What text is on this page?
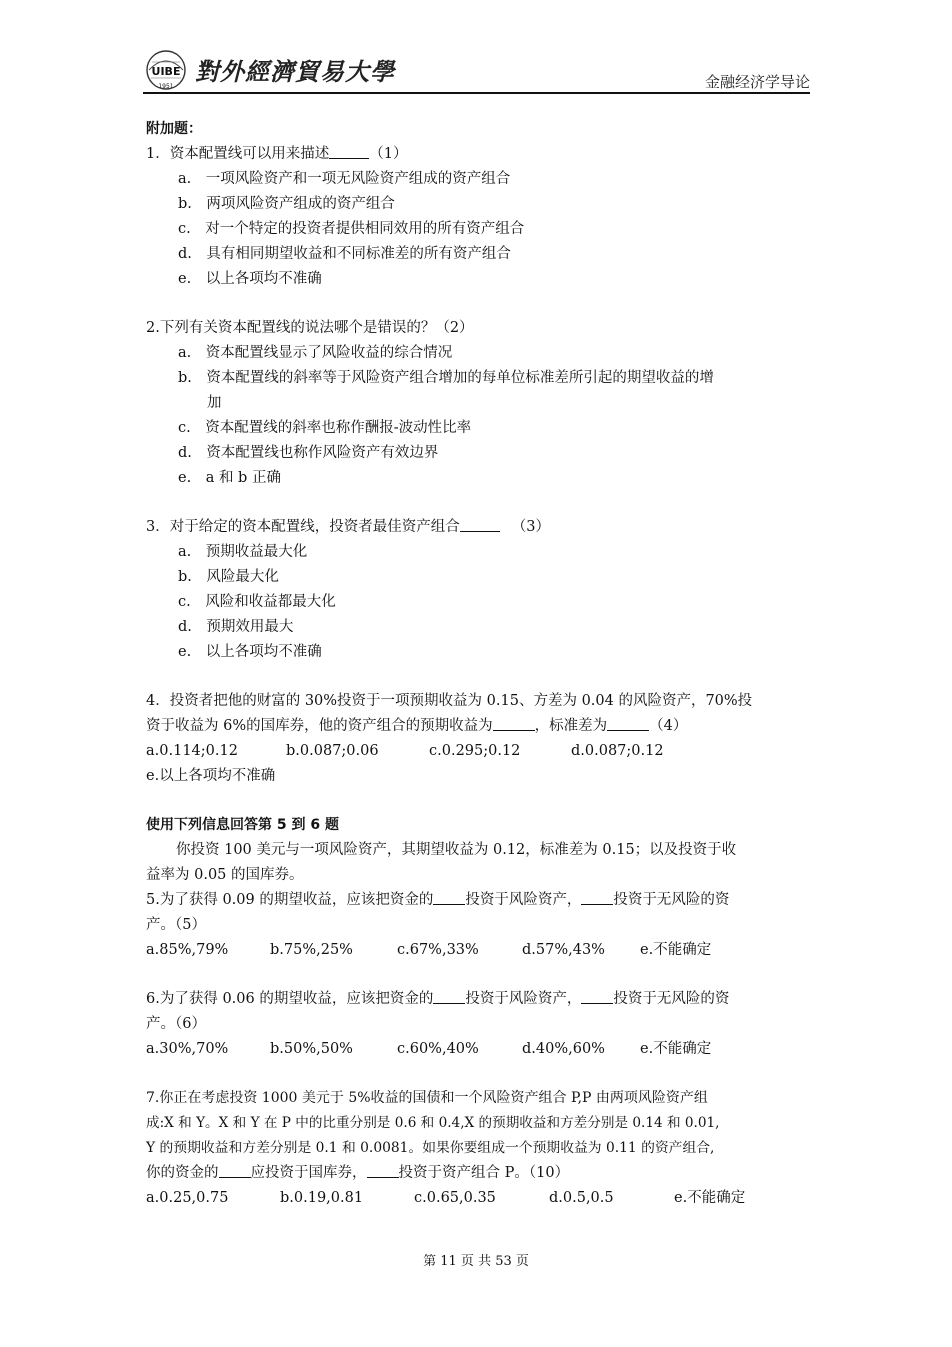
UIBE
1951
對外經濟貿易大學	金融经济学导论
附加题：
1．资本配置线可以用来描述	（1）
a.　一项风险资产和一项无风险资产组成的资产组合
b.　两项风险资产组成的资产组合
c.　对一个特定的投资者提供相同效用的所有资产组合
d.　具有相同期望收益和不同标准差的所有资产组合
e.　以上各项均不准确
2.下列有关资本配置线的说法哪个是错误的？（2）
a.　资本配置线显示了风险收益的综合情况
b.　资本配置线的斜率等于风险资产组合增加的每单位标准差所引起的期望收益的增
加
c.　资本配置线的斜率也称作酬报-波动性比率
d.　资本配置线也称作风险资产有效边界
e.　a 和 b 正确
3．对于给定的资本配置线，投资者最佳资产组合	（3）
a.　预期收益最大化
b.　风险最大化
c.　风险和收益都最大化
d.　预期效用最大
e.　以上各项均不准确
4．投资者把他的财富的 30%投资于一项预期收益为 0.15、方差为 0.04 的风险资产，70%投
资于收益为 6%的国库券，他的资产组合的预期收益为	，标准差为	（4）
a.0.114;0.12	b.0.087;0.06	c.0.295;0.12	d.0.087;0.12
e.以上各项均不准确
使用下列信息回答第 5 到 6 题
你投资 100 美元与一项风险资产，其期望收益为 0.12，标准差为 0.15；以及投资于收
益率为 0.05 的国库券。
5.为了获得 0.09 的期望收益，应该把资金的 投资于风险资产， 投资于无风险的资
产。（5）
a.85%,79%	b.75%,25%	c.67%,33%	d.57%,43%	e.不能确定
6.为了获得 0.06 的期望收益，应该把资金的 投资于风险资产， 投资于无风险的资
产。（6）
a.30%,70%	b.50%,50%	c.60%,40%	d.40%,60%	e.不能确定
7.你正在考虑投资 1000 美元于 5%收益的国债和一个风险资产组合 P,P 由两项风险资产组
成:X 和 Y。X 和 Y 在 P 中的比重分别是 0.6 和 0.4,X 的预期收益和方差分别是 0.14 和 0.01,
Y 的预期收益和方差分别是 0.1 和 0.0081。如果你要组成一个预期收益为 0.11 的资产组合,
你的资金的 应投资于国库券， 投资于资产组合 P。（10）
a.0.25,0.75	b.0.19,0.81	c.0.65,0.35	d.0.5,0.5	e.不能确定
第 11 页 共 53 页
